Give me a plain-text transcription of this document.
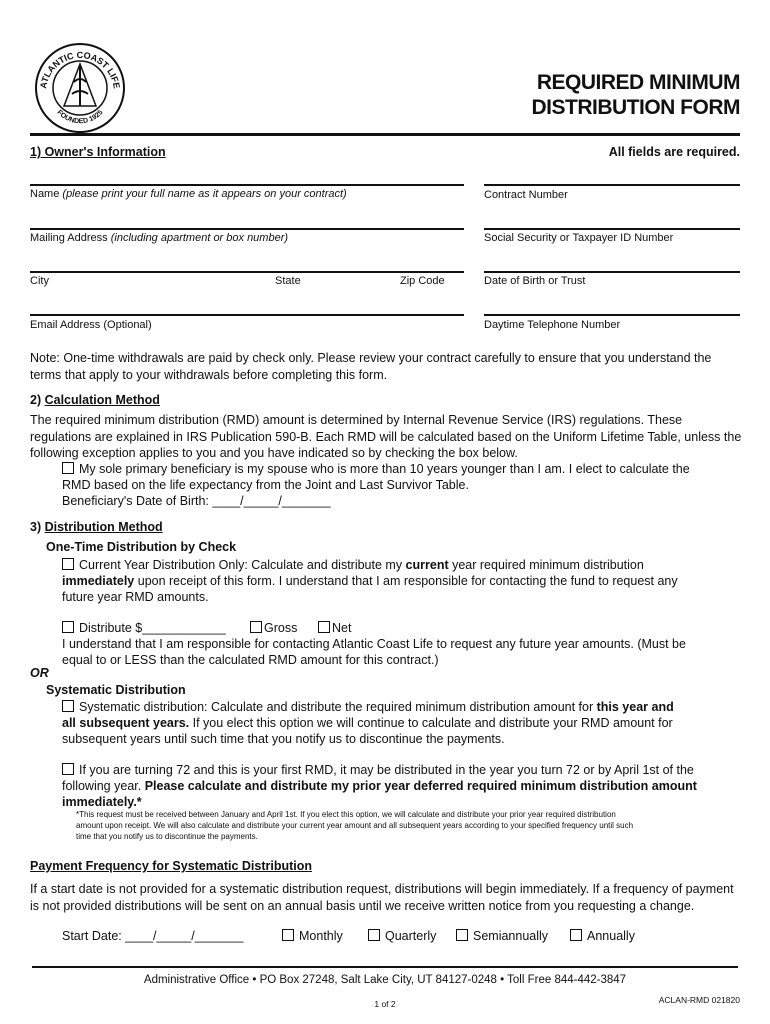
ATLANTIC COAST LIFE
FOUNDED 1925
REQUIRED MINIMUM
DISTRIBUTION FORM
1) Owner's Information	All fields are required.
Name (please print your full name as it appears on your contract)	Contract Number
Mailing Address (including apartment or box number)	Social Security or Taxpayer ID Number
City	State	Zip Code	Date of Birth or Trust
Email Address (Optional)	Daytime Telephone Number
Note: One-time withdrawals are paid by check only. Please review your contract carefully to ensure that you understand the terms that apply to your withdrawals before completing this form.
2) Calculation Method
The required minimum distribution (RMD) amount is determined by Internal Revenue Service (IRS) regulations. These regulations are explained in IRS Publication 590-B. Each RMD will be calculated based on the Uniform Lifetime Table, unless the following exception applies to you and you have indicated so by checking the box below.
My sole primary beneficiary is my spouse who is more than 10 years younger than I am. I elect to calculate the
RMD based on the life expectancy from the Joint and Last Survivor Table.
Beneficiary's Date of Birth: ____/_____/_______
3) Distribution Method
One-Time Distribution by Check
Current Year Distribution Only: Calculate and distribute my current year required minimum distribution
immediately upon receipt of this form. I understand that I am responsible for contacting the fund to request any
future year RMD amounts.
Distribute $____________	Gross	Net
I understand that I am responsible for contacting Atlantic Coast Life to request any future year amounts. (Must be
equal to or LESS than the calculated RMD amount for this contract.)
OR
Systematic Distribution
Systematic distribution: Calculate and distribute the required minimum distribution amount for this year and
all subsequent years. If you elect this option we will continue to calculate and distribute your RMD amount for
subsequent years until such time that you notify us to discontinue the payments.
If you are turning 72 and this is your first RMD, it may be distributed in the year you turn 72 or by April 1st of the
following year. Please calculate and distribute my prior year deferred required minimum distribution amount
immediately.*
*This request must be received between January and April 1st. If you elect this option, we will calculate and distribute your prior year required distribution
amount upon receipt. We will also calculate and distribute your current year amount and all subsequent years according to your specified frequency until such
time that you notify us to discontinue the payments.
Payment Frequency for Systematic Distribution
If a start date is not provided for a systematic distribution request, distributions will begin immediately. If a frequency of payment is not provided distributions will be sent on an annual basis until we receive written notice from you requesting a change.
Start Date: ____/_____/_______	Monthly	Quarterly	Semiannually	Annually
Administrative Office • PO Box 27248, Salt Lake City, UT 84127-0248 • Toll Free 844-442-3847
1 of 2	ACLAN-RMD 021820
